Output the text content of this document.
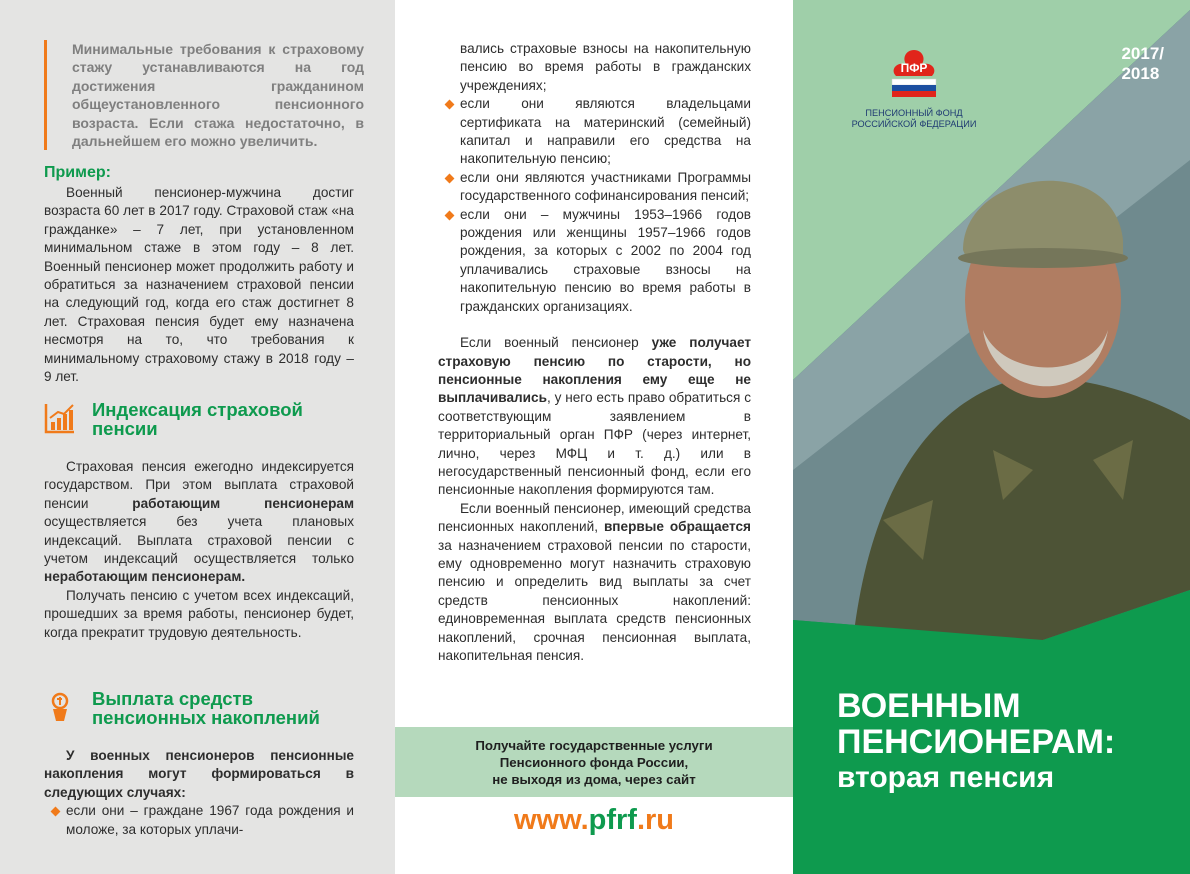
Минимальные требования к страховому стажу устанавливаются на год достижения гражданином общеустановленного пенсионного возраста. Если стажа недостаточно, в дальнейшем его можно увеличить.
Пример:

Военный пенсионер-мужчина достиг возраста 60 лет в 2017 году. Страховой стаж «на гражданке» – 7 лет, при установленном минимальном стаже в этом году – 8 лет. Военный пенсионер может продолжить работу и обратиться за назначением страховой пенсии на следующий год, когда его стаж достигнет 8 лет. Страховая пенсия будет ему назначена несмотря на то, что требования к минимальному страховому стажу в 2018 году – 9 лет.

Индексация страховой пенсии

Страховая пенсия ежегодно индексируется государством. При этом выплата страховой пенсии работающим пенсионерам осуществляется без учета плановых индексаций. Выплата страховой пенсии с учетом индексаций осуществляется только неработающим пенсионерам.

Получать пенсию с учетом всех индексаций, прошедших за время работы, пенсионер будет, когда прекратит трудовую деятельность.

Выплата средств пенсионных накоплений

У военных пенсионеров пенсионные накопления могут формироваться в следующих случаях:

если они – граждане 1967 года рождения и моложе, за которых уплачи-
вались страховые взносы на накопительную пенсию во время работы в гражданских учреждениях;
если они являются владельцами сертификата на материнский (семейный) капитал и направили его средства на накопительную пенсию;
если они являются участниками Программы государственного софинансирования пенсий;
если они – мужчины 1953–1966 годов рождения или женщины 1957–1966 годов рождения, за которых с 2002 по 2004 год уплачивались страховые взносы на накопительную пенсию во время работы в гражданских организациях.

Если военный пенсионер уже получает страховую пенсию по старости, но пенсионные накопления ему еще не выплачивались, у него есть право обратиться с соответствующим заявлением в территориальный орган ПФР (через интернет, лично, через МФЦ и т. д.) или в негосударственный пенсионный фонд, если его пенсионные накопления формируются там.

Если военный пенсионер, имеющий средства пенсионных накоплений, впервые обращается за назначением страховой пенсии по старости, ему одновременно могут назначить страховую пенсию и определить вид выплаты за счет средств пенсионных накоплений: единовременная выплата средств пенсионных накоплений, срочная пенсионная выплата, накопительная пенсия.

Получайте государственные услуги
Пенсионного фонда России,
не выходя из дома, через сайт
www.pfrf.ru
ПФР
ПЕНСИОННЫЙ ФОНД
РОССИЙСКОЙ ФЕДЕРАЦИИ
2017/
2018
ВОЕННЫМ
ПЕНСИОНЕРАМ:
вторая пенсия
